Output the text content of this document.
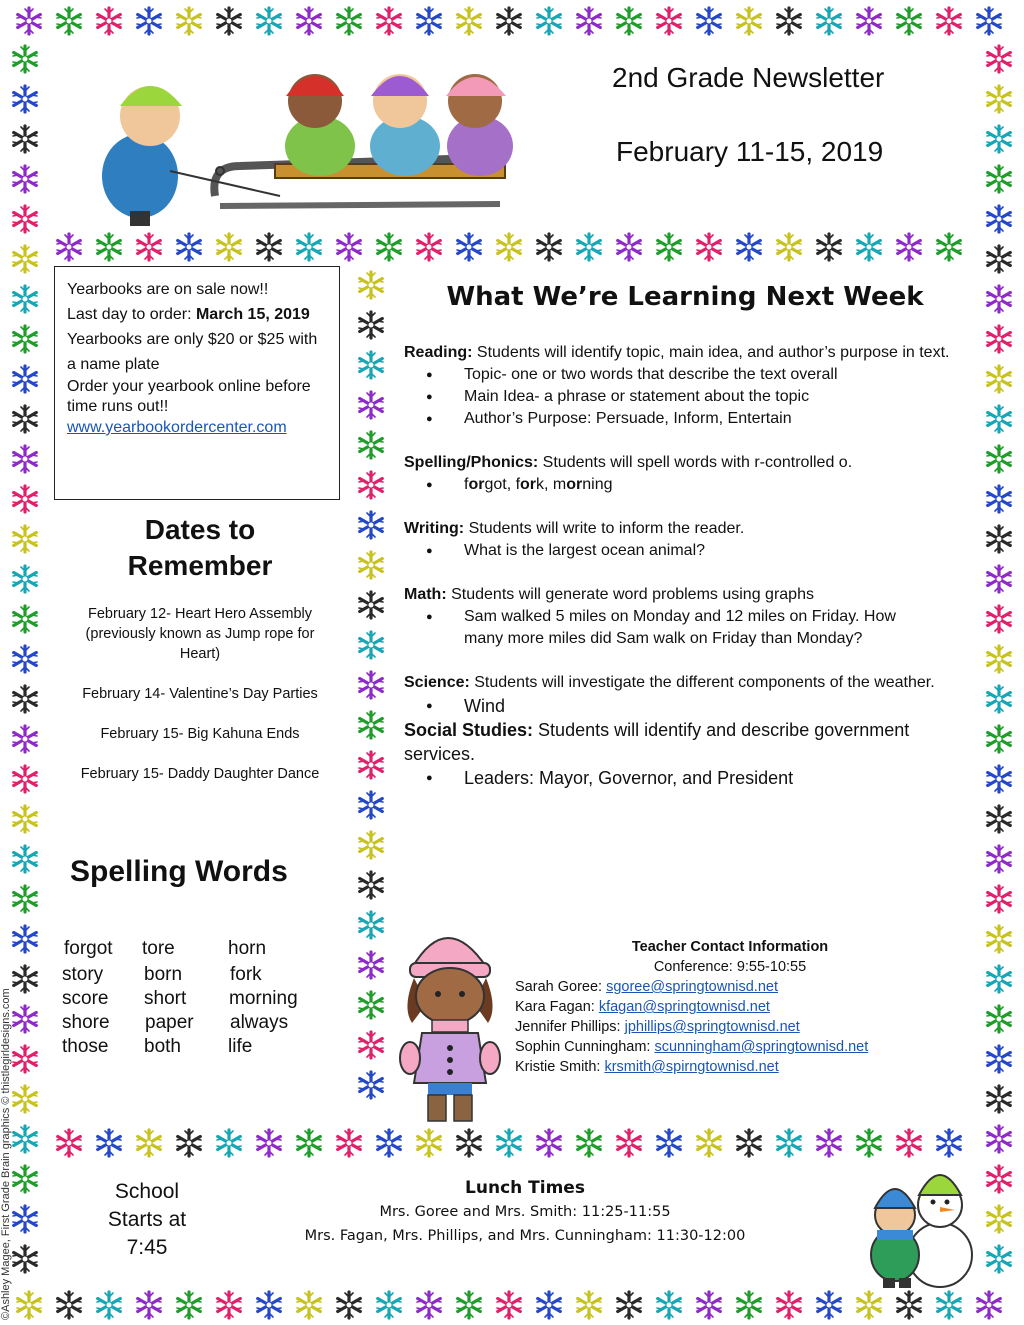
2nd Grade Newsletter
February 11-15, 2019

Yearbooks are on sale now!!

Last day to order: March 15, 2019

Yearbooks are only $20 or $25 with a name plate

Order your yearbook online before time runs out!!

www.yearbookordercenter.com

Dates to Remember

February 12- Heart Hero Assembly (previously known as Jump rope for Heart)

February 14- Valentine’s Day Parties

February 15- Big Kahuna Ends

February 15- Daddy Daughter Dance

Spelling Words
forgot tore	horn
story born	fork
score short morning
shore paper always
those both life
What We’re Learning Next Week
Reading: Students will identify topic, main idea, and author’s purpose in text.
● Topic- one or two words that describe the text overall
● Main Idea- a phrase or statement about the topic
● Author’s Purpose: Persuade, Inform, Entertain
Spelling/Phonics: Students will spell words with r-controlled o.
● forgot, fork, morning
Writing: Students will write to inform the reader.
● What is the largest ocean animal?
Math: Students will generate word problems using graphs
● Sam walked 5 miles on Monday and 12 miles on Friday. How many more miles did Sam walk on Friday than Monday?
Science: Students will investigate the different components of the weather.
● Wind
Social Studies: Students will identify and describe government services.
● Leaders: Mayor, Governor, and President
Teacher Contact Information
Conference: 9:55-10:55
Sarah Goree: sgoree@springtownisd.net
Kara Fagan: kfagan@springtownisd.net
Jennifer Phillips: jphillips@springtownisd.net
Sophin Cunningham: scunningham@springtownisd.net
Kristie Smith: krsmith@spirngtownisd.net
School Starts at 7:45
Lunch Times
Mrs. Goree and Mrs. Smith: 11:25-11:55
Mrs. Fagan, Mrs. Phillips, and Mrs. Cunningham: 11:30-12:00
©Ashley Magee, First Grade Brain graphics © thistlegirldesigns.com
